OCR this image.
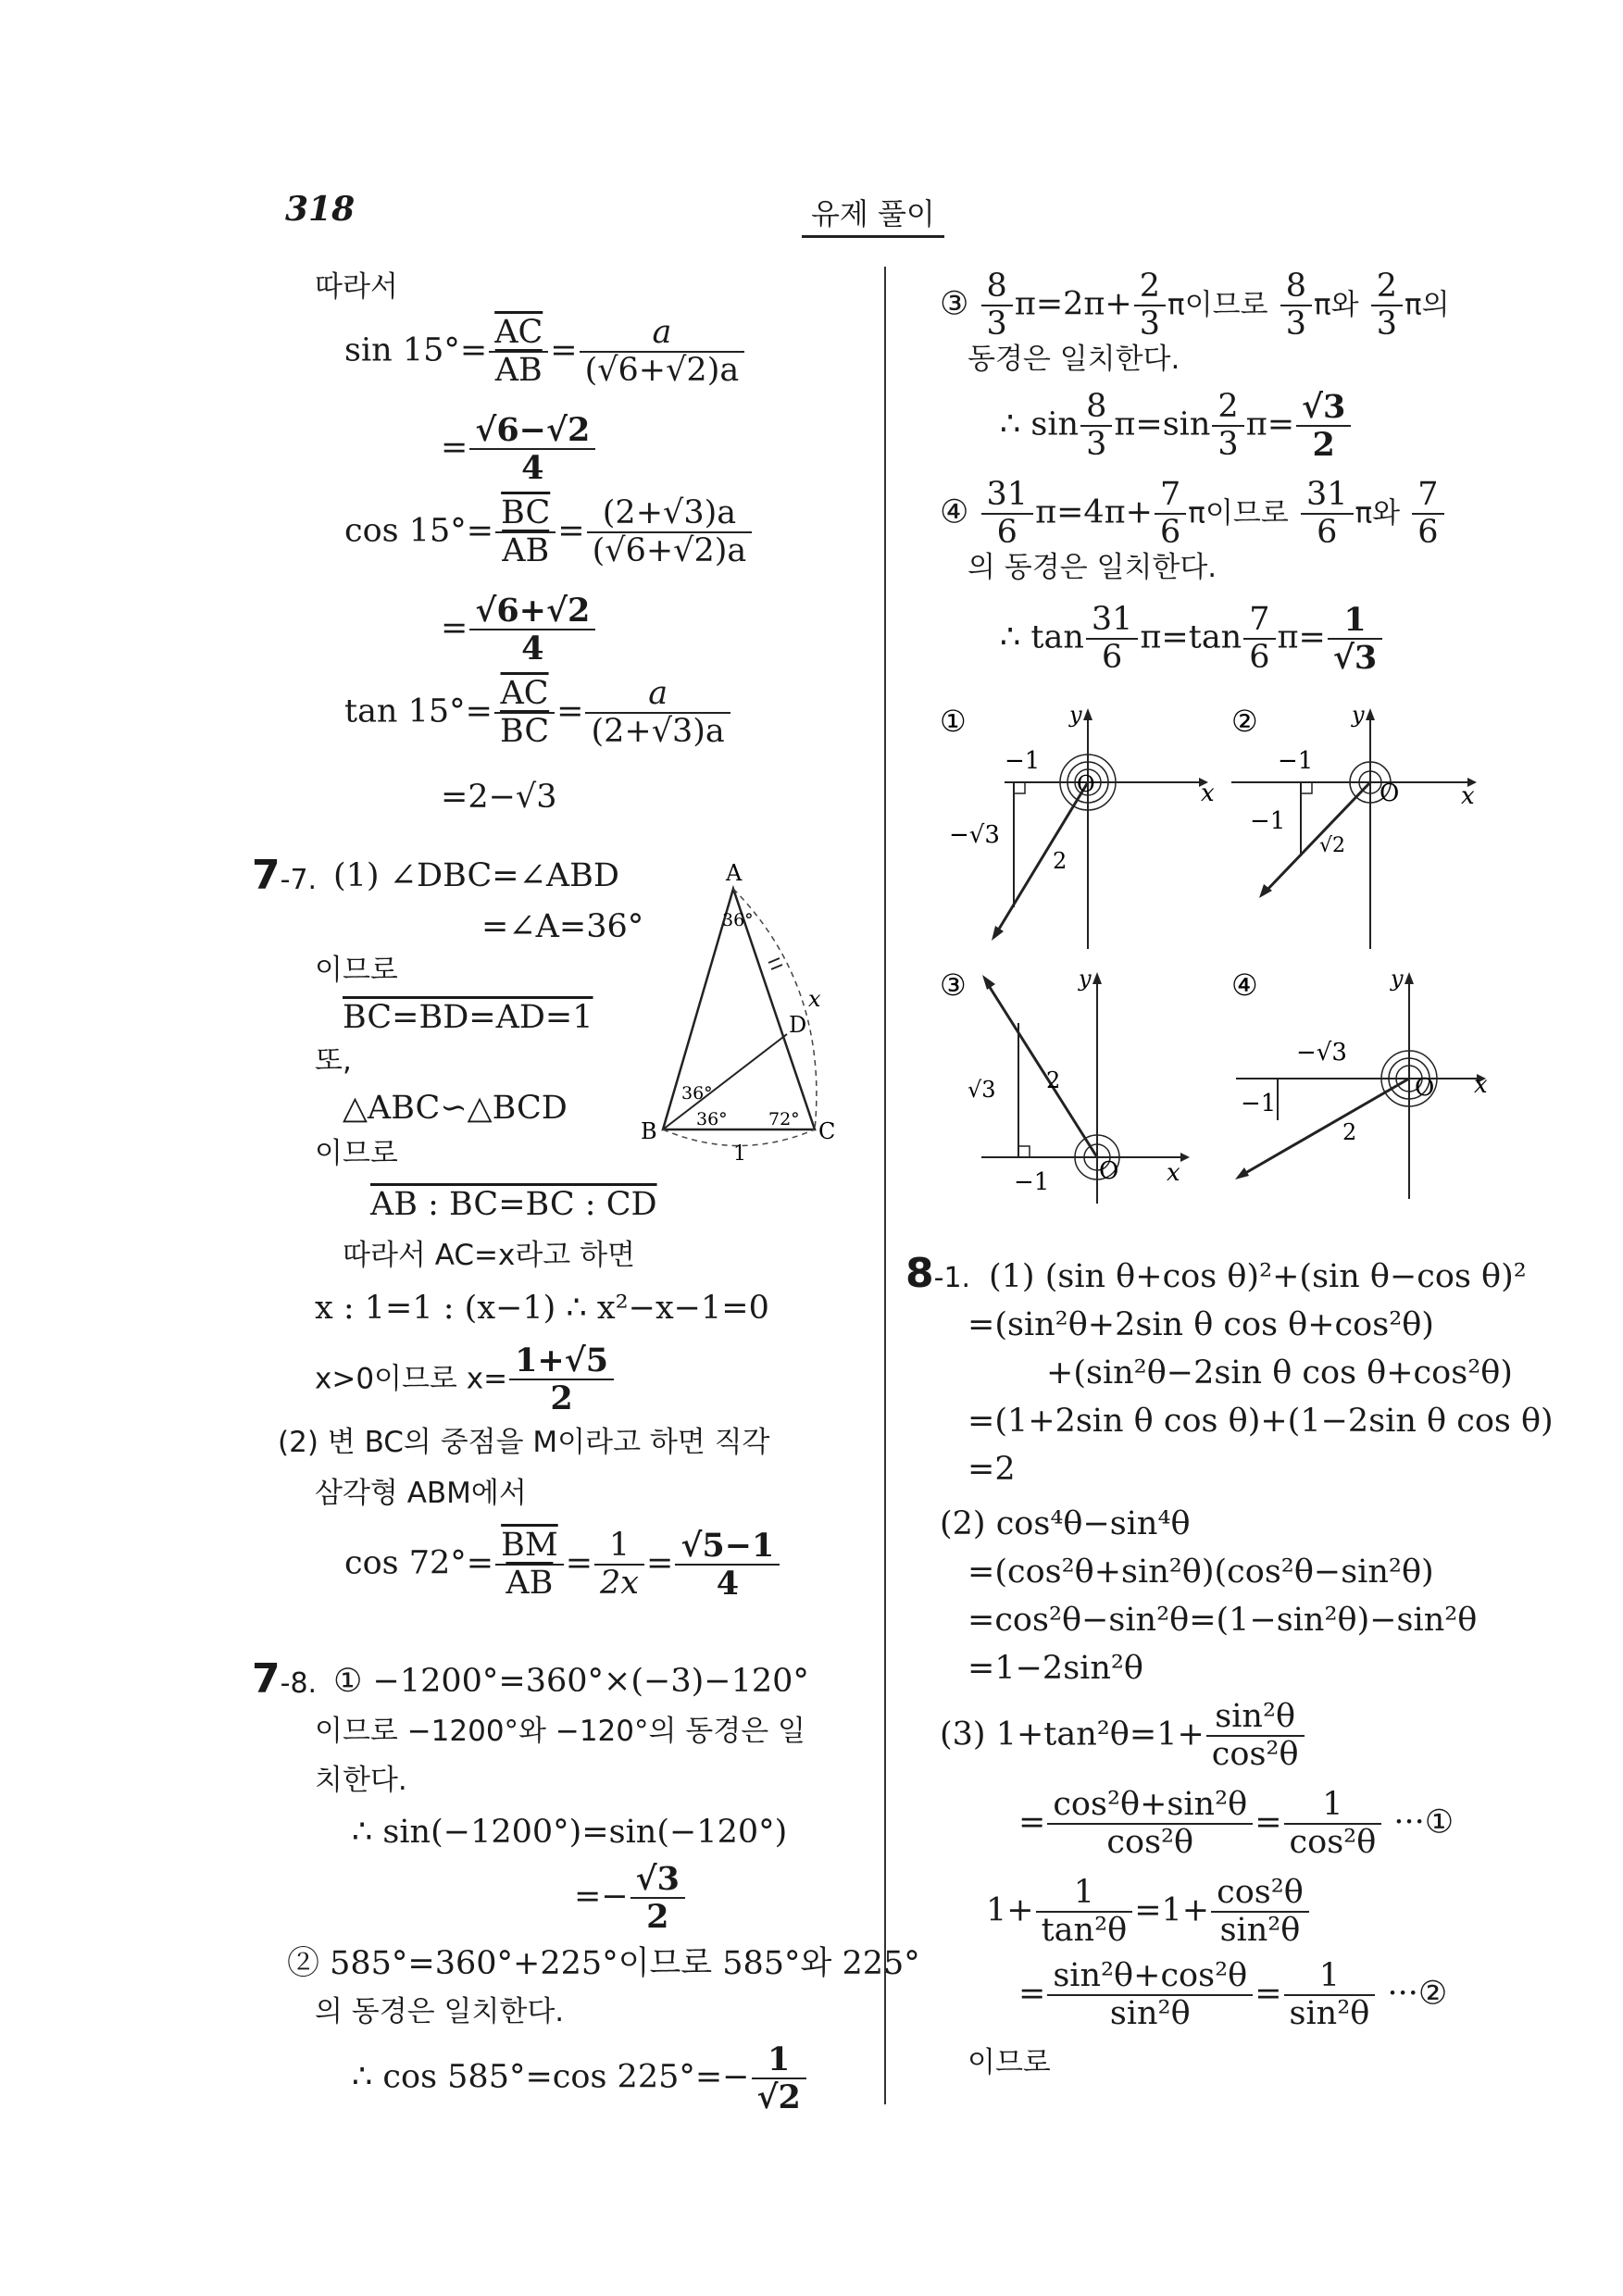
318	유제 풀이
따라서
$\sin 15^\circ= \frac{\overline{AC}}{AB} = \frac{a}{(√6+√2)a}$
= $\frac{√6-√2}{4}$
$\cos 15^\circ= \frac{\overline{BC}}{AB} = \frac{(2+√3)a}{(√6+√2)a}$
= $\frac{√6+√2}{4}$
$\tan 15^\circ= \frac{\overline{AC}}{BC} = \frac{a}{(2+√3)a}$
=2−√3
7-7. (1) ∠DBC=∠ABD
=∠A=36°
이므로
BC=BD=AD=1
또,
△ABC∽△BCD
이므로
AB : BC=BC : CD
따라서 AC=x라고 하면
x : 1=1 : (x−1) ∴ x²−x−1=0
x>0이므로 $x= \frac{1+√5}{2}$
(2) 변 BC의 중점을 M이라고 하면 직각
삼각형 ABM에서
$\cos 72^\circ= \frac{\overline{BM}}{AB} = \frac{1}{2x} = \frac{√5-1}{4}$
A
B	C
D
x
1
36°
36°
36° 72°
7-8. ① −1200°=360°×(−3)−120°
이므로 −1200°와 −120°의 동경은 일
치한다.
∴ sin(−1200°)=sin(−120°)
=− $\frac{√3}{2}$
② 585°=360°+225°이므로 585°와 225°
의 동경은 일치한다.
∴ cos 585°=cos $225^\circ=- \frac{1}{√2}$
③ $\frac{8}{3} \pi=2\pi+ \frac{2}{3}$ π이므로 $\frac{8}{3}$ π와 $\frac{2}{3}$ π의
동경은 일치한다.
∴ $\sin \frac{8}{3} \pi=\sin \frac{2}{3} \pi= \frac{√3}{2}$
④ $\frac{31}{6} \pi=4\pi+ \frac{7}{6}$ π이므로 $\frac{31}{6}$ π와 $\frac{7}{6}$
의 동경은 일치한다.
∴ $\tan \frac{31}{6} \pi=\tan \frac{7}{6} \pi= \frac{1}{√3}$
①
x
y
O
−1
−√3
2
②
x
y
O
−1
−1
√2
③
x
y
O
√3
−1
2
④
x
y
O
−√3
−1
2
8-1. (1) (sin θ+cos θ)²+(sin θ−cos θ)²
=(sin²θ+2sin θ cos θ+cos²θ)
+(sin²θ−2sin θ cos θ+cos²θ)
=(1+2sin θ cos θ)+(1−2sin θ cos θ)
=2
(2) cos⁴θ−sin⁴θ
=(cos²θ+sin²θ)(cos²θ−sin²θ)
=cos²θ−sin²θ=(1−sin²θ)−sin²θ
=1−2sin²θ
(3) $1+\tan^2\theta=1+ \frac{\text{sin²θ}}{\text{cos²θ}}$
= $\frac{\text{cos²θ+sin²θ}}{\text{cos²θ}} = \frac{1}{\text{cos²θ}}$ ···①
$1+ \frac{1}{\text{tan²θ}} =1+ \frac{\text{cos²θ}}{\text{sin²θ}}$
= $\frac{\text{sin²θ+cos²θ}}{\text{sin²θ}} = \frac{1}{\text{sin²θ}}$ ···②
이므로
